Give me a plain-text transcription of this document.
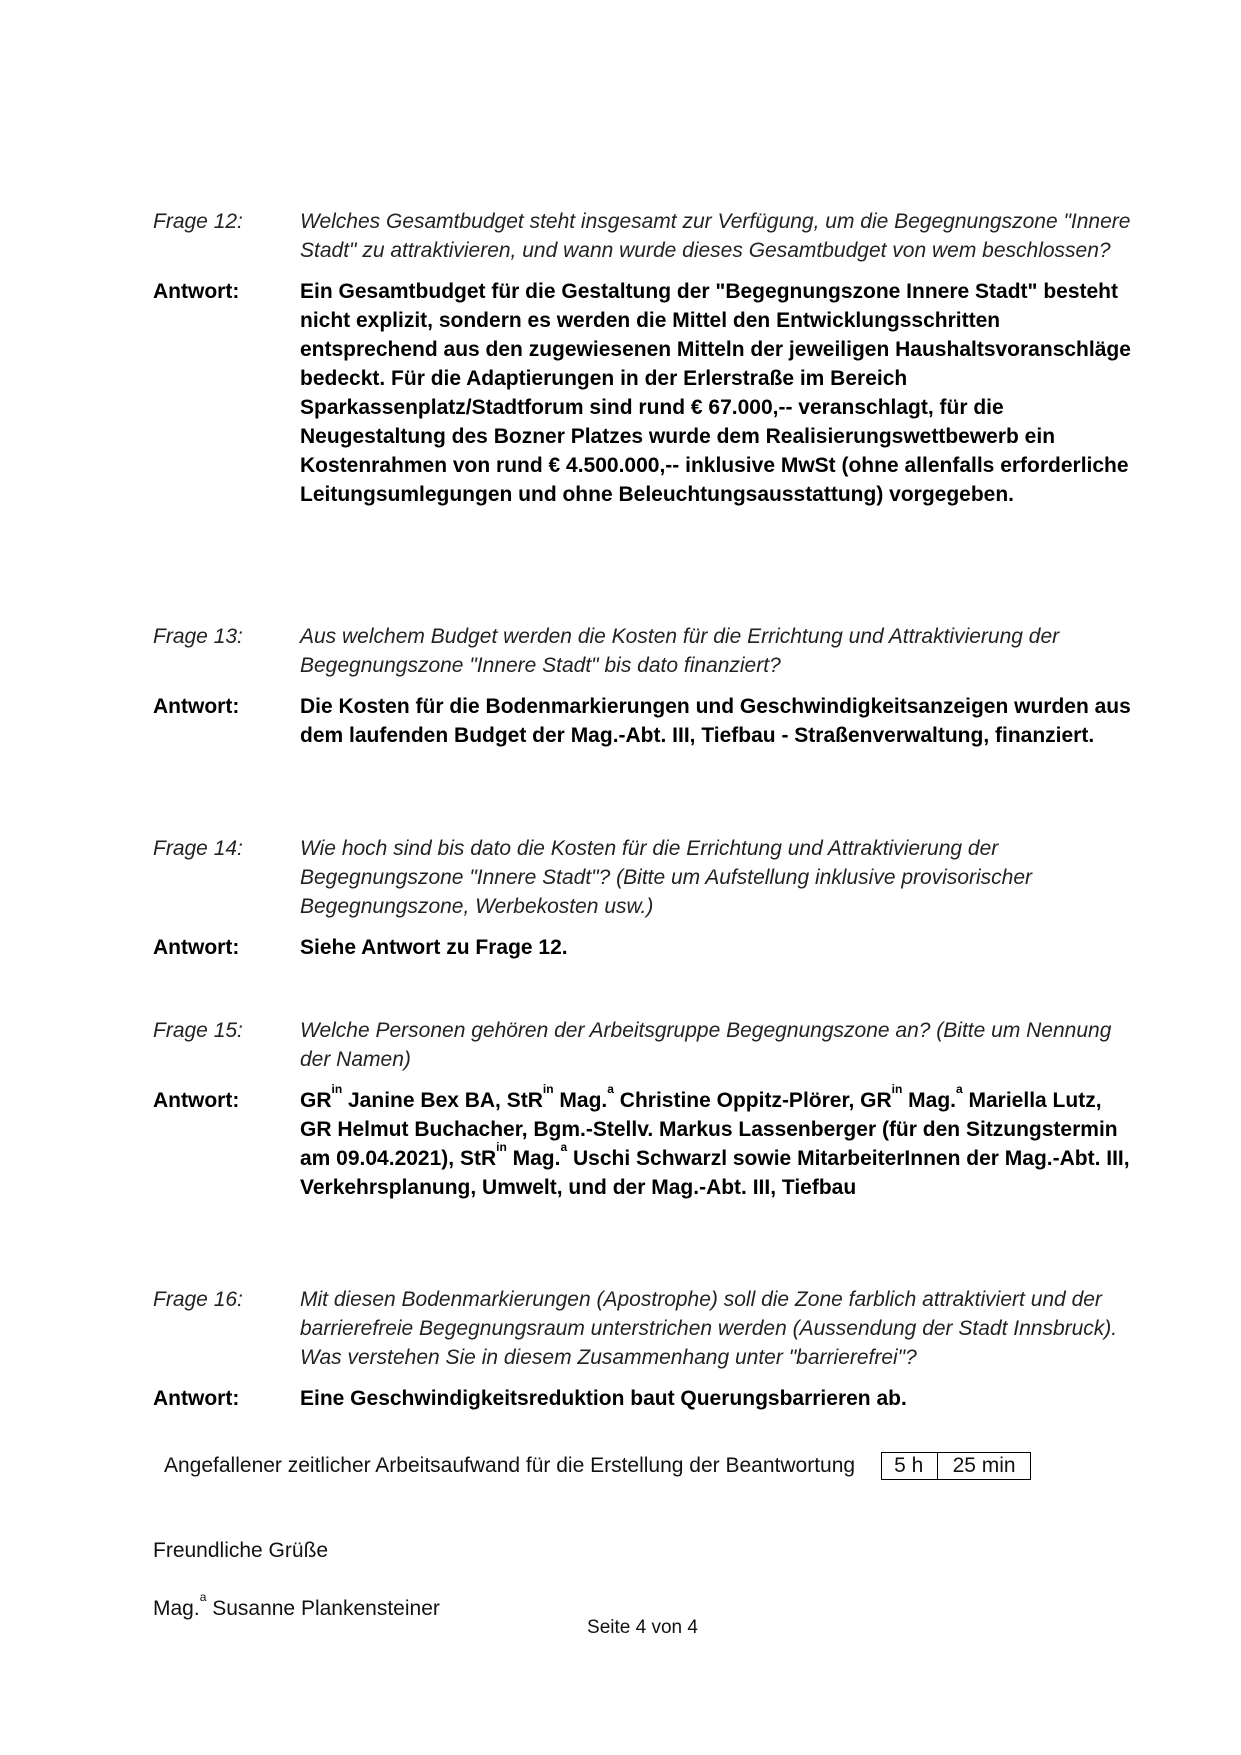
Frage 12:	Welches Gesamtbudget steht insgesamt zur Verfügung, um die Begegnungszone "Innere Stadt" zu attraktivieren, und wann wurde dieses Gesamtbudget von wem beschlossen?
Antwort:	Ein Gesamtbudget für die Gestaltung der "Begegnungszone Innere Stadt" besteht nicht explizit, sondern es werden die Mittel den Entwicklungsschritten entsprechend aus den zugewiesenen Mitteln der jeweiligen Haushaltsvoranschläge bedeckt. Für die Adaptierungen in der Erlerstraße im Bereich Sparkassenplatz/Stadtforum sind rund € 67.000,-- veranschlagt, für die Neugestaltung des Bozner Platzes wurde dem Realisierungswettbewerb ein Kostenrahmen von rund € 4.500.000,-- inklusive MwSt (ohne allenfalls erforderliche Leitungsumlegungen und ohne Beleuchtungsausstattung) vorgegeben.
Frage 13:	Aus welchem Budget werden die Kosten für die Errichtung und Attraktivierung der Begegnungszone "Innere Stadt" bis dato finanziert?
Antwort:	Die Kosten für die Bodenmarkierungen und Geschwindigkeitsanzeigen wurden aus dem laufenden Budget der Mag.-Abt. III, Tiefbau - Straßenverwaltung, finanziert.
Frage 14:	Wie hoch sind bis dato die Kosten für die Errichtung und Attraktivierung der Begegnungszone "Innere Stadt"? (Bitte um Aufstellung inklusive provisorischer Begegnungszone, Werbekosten usw.)
Antwort:	Siehe Antwort zu Frage 12.
Frage 15:	Welche Personen gehören der Arbeitsgruppe Begegnungszone an? (Bitte um Nennung der Namen)
Antwort:	$GR^{in}$ Janine Bex BA, StR$^{in}$ Mag.$^a$ Christine Oppitz-Plörer, $GR^{in}$ Mag.$^a$ Mariella Lutz, GR Helmut Buchacher, Bgm.-Stellv. Markus Lassenberger (für den Sitzungstermin am 09.04.2021), StR$^{in}$ Mag.$^a$ Uschi Schwarzl sowie MitarbeiterInnen der Mag.-Abt. III, Verkehrsplanung, Umwelt, und der Mag.-Abt. III, Tiefbau
Frage 16:	Mit diesen Bodenmarkierungen (Apostrophe) soll die Zone farblich attraktiviert und der barrierefreie Begegnungsraum unterstrichen werden (Aussendung der Stadt Innsbruck). Was verstehen Sie in diesem Zusammenhang unter "barrierefrei"?
Antwort:	Eine Geschwindigkeitsreduktion baut Querungsbarrieren ab.
Angefallener zeitlicher Arbeitsaufwand für die Erstellung der Beantwortung	5 h	25 min
Freundliche Grüße
Mag.$^a$ Susanne Plankensteiner
Seite 4 von 4
